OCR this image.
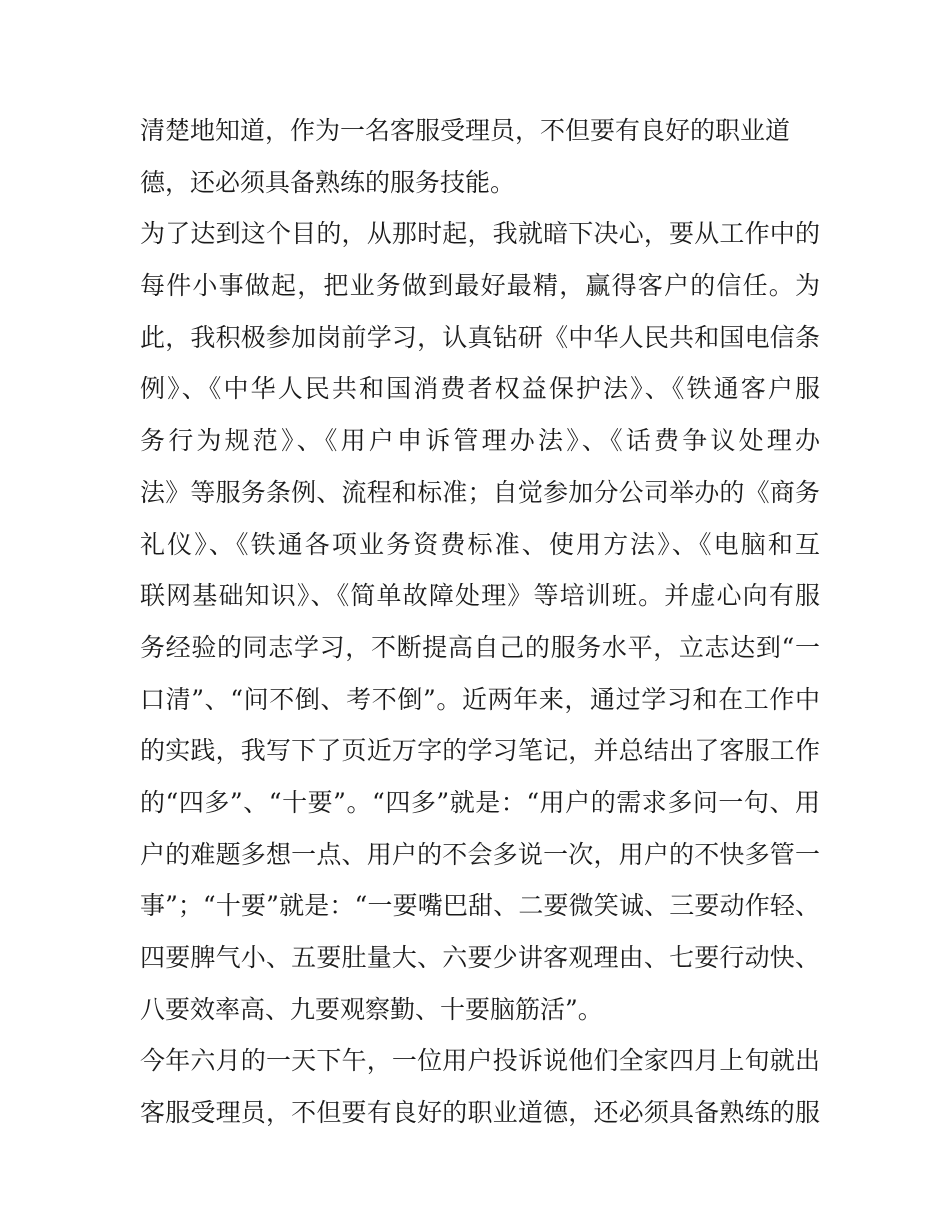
清楚地知道，作为一名客服受理员，不但要有良好的职业道
德，还必须具备熟练的服务技能。
为了达到这个目的，从那时起，我就暗下决心，要从工作中的
每件小事做起，把业务做到最好最精，赢得客户的信任。为
此，我积极参加岗前学习，认真钻研《中华人民共和国电信条
例》、《中华人民共和国消费者权益保护法》、《铁通客户服
务行为规范》、《用户申诉管理办法》、《话费争议处理办
法》等服务条例、流程和标准；自觉参加分公司举办的《商务
礼仪》、《铁通各项业务资费标准、使用方法》、《电脑和互
联网基础知识》、《简单故障处理》等培训班。并虚心向有服
务经验的同志学习，不断提高自己的服务水平，立志达到“一
口清”、“问不倒、考不倒”。近两年来，通过学习和在工作中
的实践，我写下了页近万字的学习笔记，并总结出了客服工作
的“四多”、“十要”。“四多”就是：“用户的需求多问一句、用
户的难题多想一点、用户的不会多说一次，用户的不快多管一
事”；“十要”就是：“一要嘴巴甜、二要微笑诚、三要动作轻、
四要脾气小、五要肚量大、六要少讲客观理由、七要行动快、
八要效率高、九要观察勤、十要脑筋活”。
今年六月的一天下午，一位用户投诉说他们全家四月上旬就出
客服受理员，不但要有良好的职业道德，还必须具备熟练的服
